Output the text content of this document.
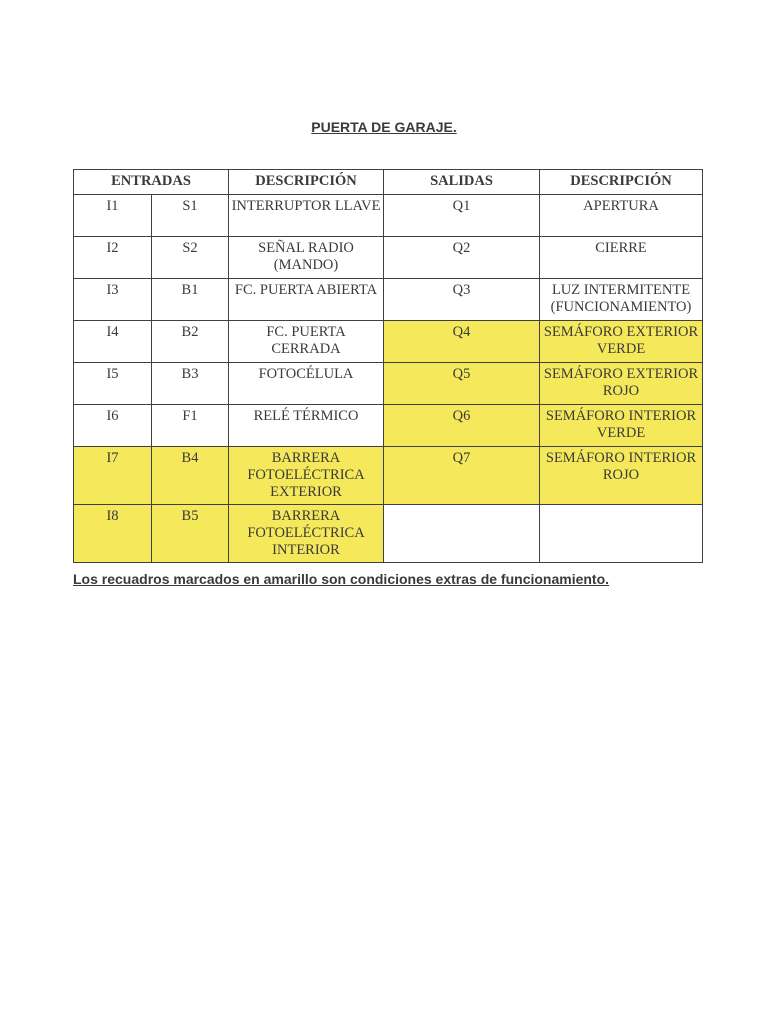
PUERTA DE GARAJE.
ENTRADAS		DESCRIPCIÓN	SALIDAS	DESCRIPCIÓN
I1	S1	INTERRUPTOR LLAVE	Q1	APERTURA
I2	S2	SEÑAL RADIO (MANDO)	Q2	CIERRE
I3	B1	FC. PUERTA ABIERTA	Q3	LUZ INTERMITENTE (FUNCIONAMIENTO)
I4	B2	FC. PUERTA CERRADA	Q4	SEMÁFORO EXTERIOR VERDE
I5	B3	FOTOCÉLULA	Q5	SEMÁFORO EXTERIOR ROJO
I6	F1	RELÉ TÉRMICO	Q6	SEMÁFORO INTERIOR VERDE
I7	B4	BARRERA FOTOELÉCTRICA EXTERIOR	Q7	SEMÁFORO INTERIOR ROJO
I8	B5	BARRERA FOTOELÉCTRICA INTERIOR		
Los recuadros marcados en amarillo son condiciones extras de funcionamiento.
